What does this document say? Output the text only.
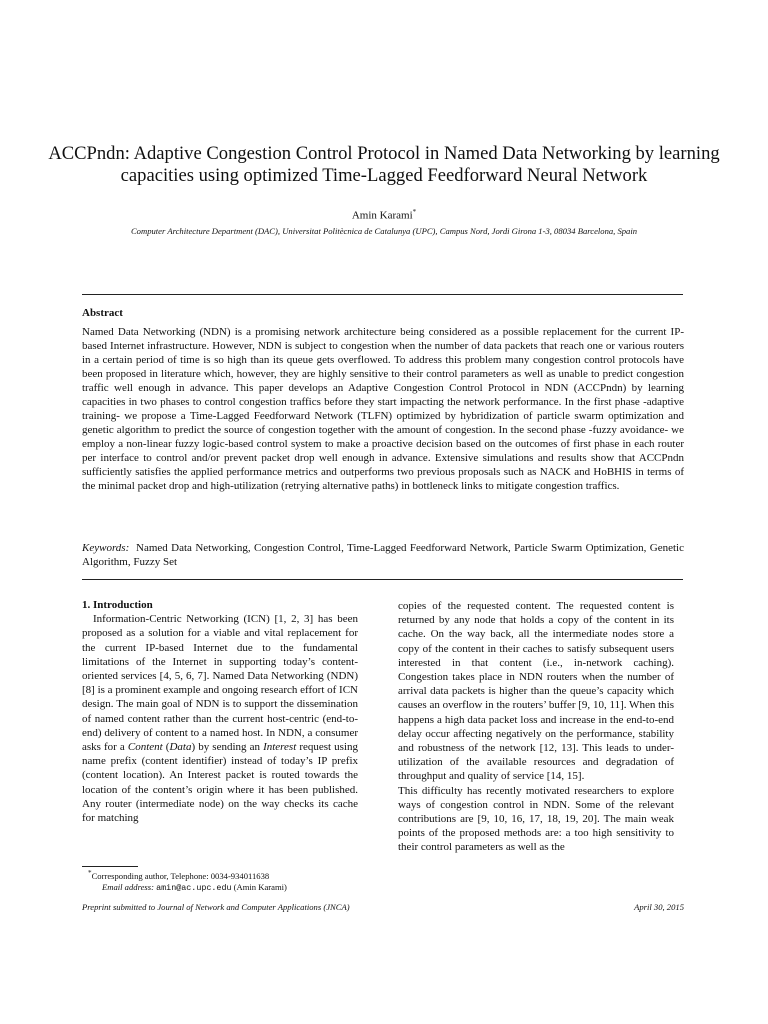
ACCPndn: Adaptive Congestion Control Protocol in Named Data Networking by learning capacities using optimized Time-Lagged Feedforward Neural Network
Amin Karami*
Computer Architecture Department (DAC), Universitat Politècnica de Catalunya (UPC), Campus Nord, Jordi Girona 1-3, 08034 Barcelona, Spain
Abstract
Named Data Networking (NDN) is a promising network architecture being considered as a possible replacement for the current IP-based Internet infrastructure. However, NDN is subject to congestion when the number of data packets that reach one or various routers in a certain period of time is so high than its queue gets overflowed. To address this problem many congestion control protocols have been proposed in literature which, however, they are highly sensitive to their control parameters as well as unable to predict congestion traffic well enough in advance. This paper develops an Adaptive Congestion Control Protocol in NDN (ACCPndn) by learning capacities in two phases to control congestion traffics before they start impacting the network performance. In the first phase -adaptive training- we propose a Time-Lagged Feedforward Network (TLFN) optimized by hybridization of particle swarm optimization and genetic algorithm to predict the source of congestion together with the amount of congestion. In the second phase -fuzzy avoidance- we employ a non-linear fuzzy logic-based control system to make a proactive decision based on the outcomes of first phase in each router per interface to control and/or prevent packet drop well enough in advance. Extensive simulations and results show that ACCPndn sufficiently satisfies the applied performance metrics and outperforms two previous proposals such as NACK and HoBHIS in terms of the minimal packet drop and high-utilization (retrying alternative paths) in bottleneck links to mitigate congestion traffics.
Keywords: Named Data Networking, Congestion Control, Time-Lagged Feedforward Network, Particle Swarm Optimization, Genetic Algorithm, Fuzzy Set

1. Introduction

Information-Centric Networking (ICN) [1, 2, 3] has been proposed as a solution for a viable and vital replacement for the current IP-based Internet due to the fundamental limitations of the Internet in supporting today’s content-oriented services [4, 5, 6, 7]. Named Data Networking (NDN) [8] is a prominent example and ongoing research effort of ICN design. The main goal of NDN is to support the dissemination of named content rather than the current host-centric (end-to-end) delivery of content to a named host. In NDN, a consumer asks for a Content (Data) by sending an Interest request using name prefix (content identifier) instead of today’s IP prefix (content location). An Interest packet is routed towards the location of the content’s origin where it has been published. Any router (intermediate node) on the way checks its cache for matching

copies of the requested content. The requested content is returned by any node that holds a copy of the content in its cache. On the way back, all the intermediate nodes store a copy of the content in their caches to satisfy subsequent users interested in that content (i.e., in-network caching). Congestion takes place in NDN routers when the number of arrival data packets is higher than the queue’s capacity which causes an overflow in the routers’ buffer [9, 10, 11]. When this happens a high data packet loss and increase in the end-to-end delay occur affecting negatively on the performance, stability and robustness of the network [12, 13]. This leads to under-utilization of the available resources and degradation of throughput and quality of service [14, 15].

This difficulty has recently motivated researchers to explore ways of congestion control in NDN. Some of the relevant contributions are [9, 10, 16, 17, 18, 19, 20]. The main weak points of the proposed methods are: a too high sensitivity to their control parameters as well as the

*Corresponding author, Telephone: 0034-934011638
Email address: amin@ac.upc.edu (Amin Karami)
Preprint submitted to Journal of Network and Computer Applications (JNCA)	April 30, 2015
